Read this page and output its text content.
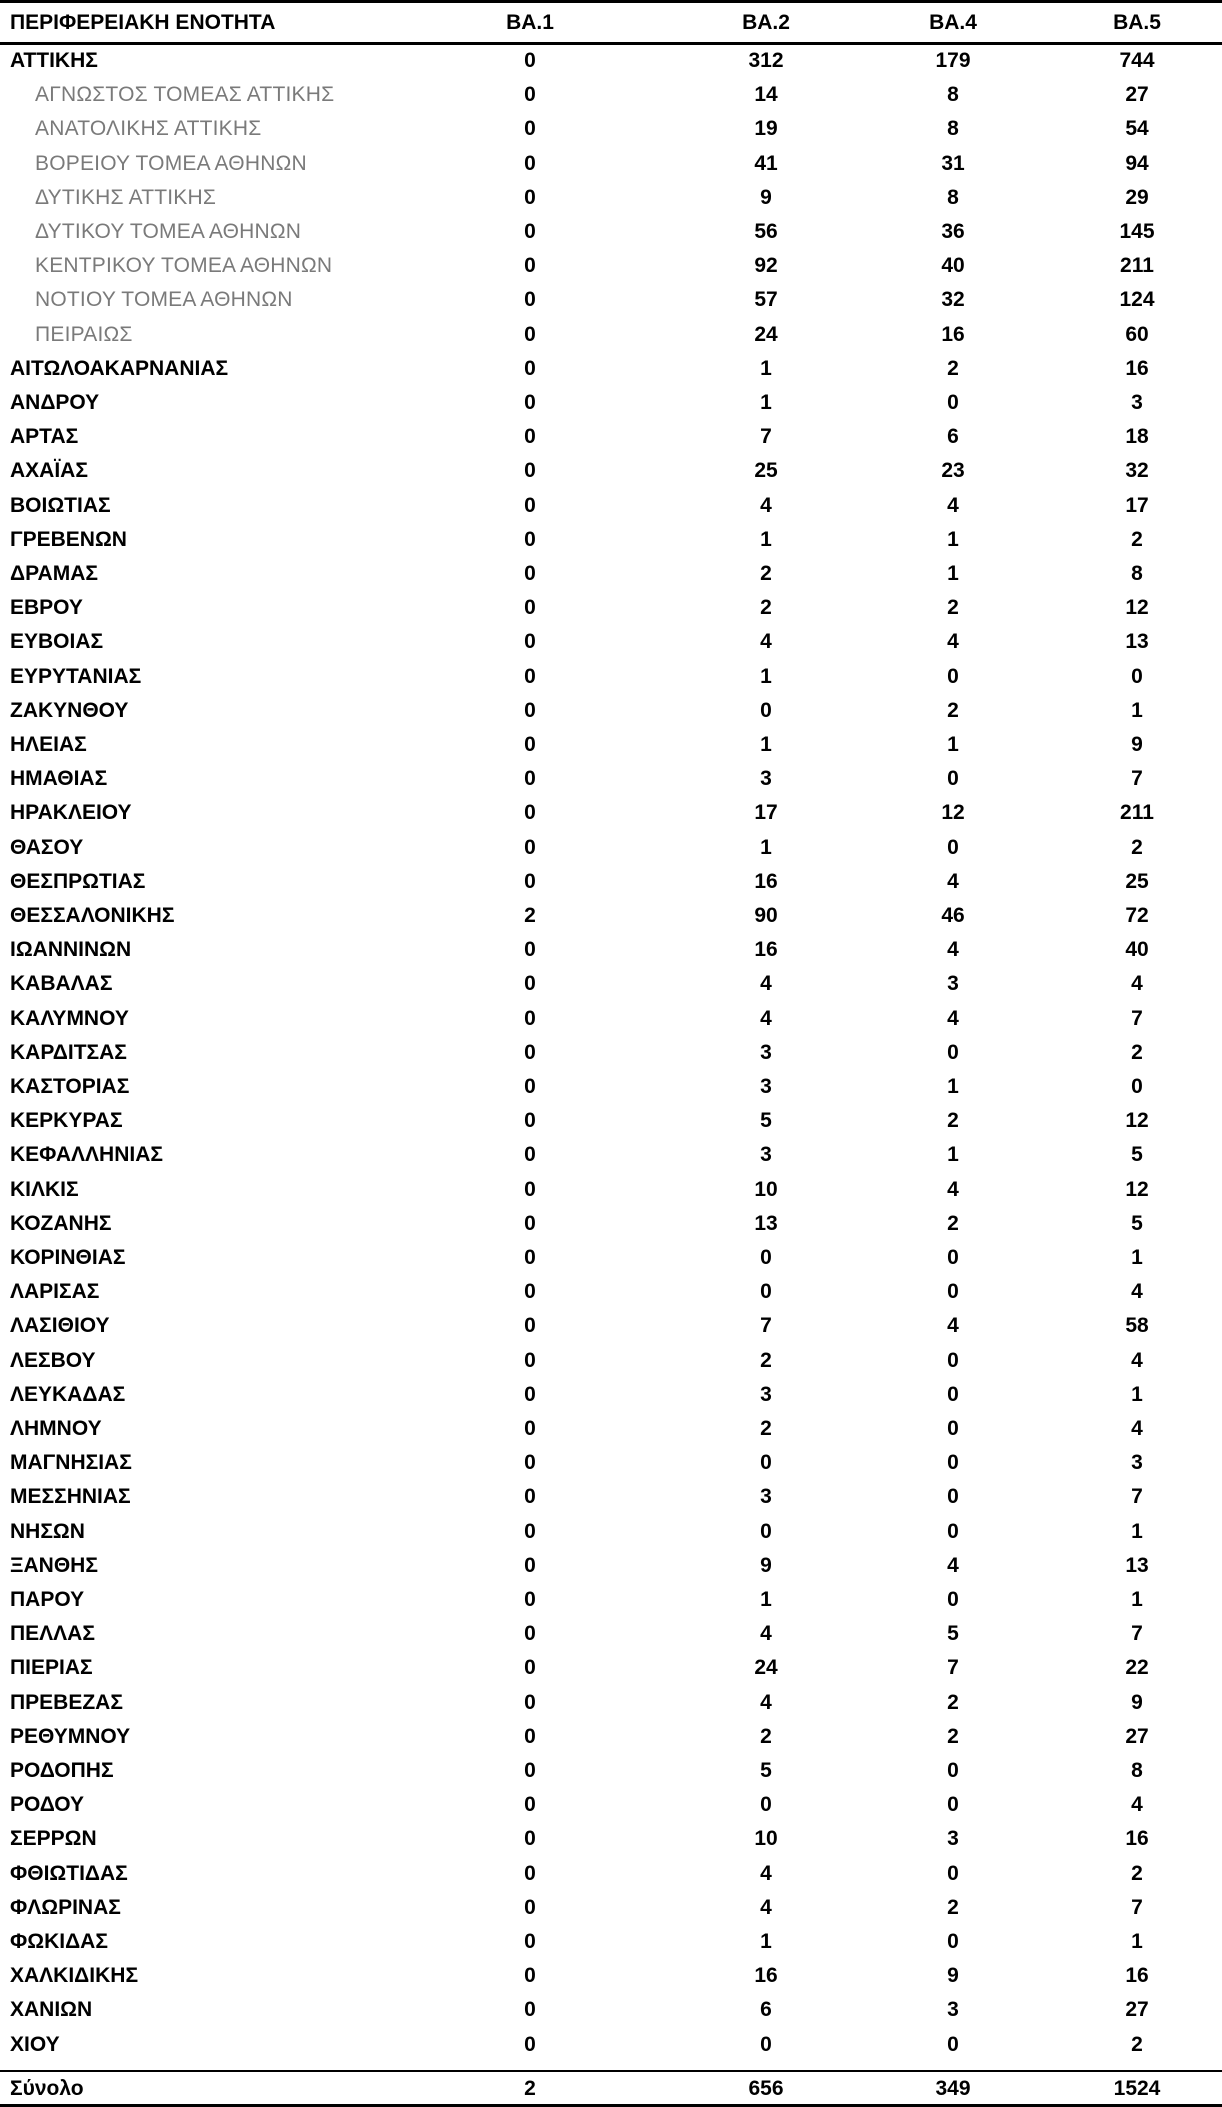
ΠΕΡΙΦΕΡΕΙΑΚΗ ΕΝΟΤΗΤΑ	ΒΑ.1	ΒΑ.2	ΒΑ.4	ΒΑ.5
ΑΤΤΙΚΗΣ	0	312	179	744
ΑΓΝΩΣΤΟΣ ΤΟΜΕΑΣ ΑΤΤΙΚΗΣ	0	14	8	27
ΑΝΑΤΟΛΙΚΗΣ ΑΤΤΙΚΗΣ	0	19	8	54
ΒΟΡΕΙΟΥ ΤΟΜΕΑ ΑΘΗΝΩΝ	0	41	31	94
ΔΥΤΙΚΗΣ ΑΤΤΙΚΗΣ	0	9	8	29
ΔΥΤΙΚΟΥ ΤΟΜΕΑ ΑΘΗΝΩΝ	0	56	36	145
ΚΕΝΤΡΙΚΟΥ ΤΟΜΕΑ ΑΘΗΝΩΝ	0	92	40	211
ΝΟΤΙΟΥ ΤΟΜΕΑ ΑΘΗΝΩΝ	0	57	32	124
ΠΕΙΡΑΙΩΣ	0	24	16	60
ΑΙΤΩΛΟΑΚΑΡΝΑΝΙΑΣ	0	1	2	16
ΑΝΔΡΟΥ	0	1	0	3
ΑΡΤΑΣ	0	7	6	18
ΑΧΑΪΑΣ	0	25	23	32
ΒΟΙΩΤΙΑΣ	0	4	4	17
ΓΡΕΒΕΝΩΝ	0	1	1	2
ΔΡΑΜΑΣ	0	2	1	8
ΕΒΡΟΥ	0	2	2	12
ΕΥΒΟΙΑΣ	0	4	4	13
ΕΥΡΥΤΑΝΙΑΣ	0	1	0	0
ΖΑΚΥΝΘΟΥ	0	0	2	1
ΗΛΕΙΑΣ	0	1	1	9
ΗΜΑΘΙΑΣ	0	3	0	7
ΗΡΑΚΛΕΙΟΥ	0	17	12	211
ΘΑΣΟΥ	0	1	0	2
ΘΕΣΠΡΩΤΙΑΣ	0	16	4	25
ΘΕΣΣΑΛΟΝΙΚΗΣ	2	90	46	72
ΙΩΑΝΝΙΝΩΝ	0	16	4	40
ΚΑΒΑΛΑΣ	0	4	3	4
ΚΑΛΥΜΝΟΥ	0	4	4	7
ΚΑΡΔΙΤΣΑΣ	0	3	0	2
ΚΑΣΤΟΡΙΑΣ	0	3	1	0
ΚΕΡΚΥΡΑΣ	0	5	2	12
ΚΕΦΑΛΛΗΝΙΑΣ	0	3	1	5
ΚΙΛΚΙΣ	0	10	4	12
ΚΟΖΑΝΗΣ	0	13	2	5
ΚΟΡΙΝΘΙΑΣ	0	0	0	1
ΛΑΡΙΣΑΣ	0	0	0	4
ΛΑΣΙΘΙΟΥ	0	7	4	58
ΛΕΣΒΟΥ	0	2	0	4
ΛΕΥΚΑΔΑΣ	0	3	0	1
ΛΗΜΝΟΥ	0	2	0	4
ΜΑΓΝΗΣΙΑΣ	0	0	0	3
ΜΕΣΣΗΝΙΑΣ	0	3	0	7
ΝΗΣΩΝ	0	0	0	1
ΞΑΝΘΗΣ	0	9	4	13
ΠΑΡΟΥ	0	1	0	1
ΠΕΛΛΑΣ	0	4	5	7
ΠΙΕΡΙΑΣ	0	24	7	22
ΠΡΕΒΕΖΑΣ	0	4	2	9
ΡΕΘΥΜΝΟΥ	0	2	2	27
ΡΟΔΟΠΗΣ	0	5	0	8
ΡΟΔΟΥ	0	0	0	4
ΣΕΡΡΩΝ	0	10	3	16
ΦΘΙΩΤΙΔΑΣ	0	4	0	2
ΦΛΩΡΙΝΑΣ	0	4	2	7
ΦΩΚΙΔΑΣ	0	1	0	1
ΧΑΛΚΙΔΙΚΗΣ	0	16	9	16
ΧΑΝΙΩΝ	0	6	3	27
ΧΙΟΥ	0	0	0	2
Σύνολο	2	656	349	1524
